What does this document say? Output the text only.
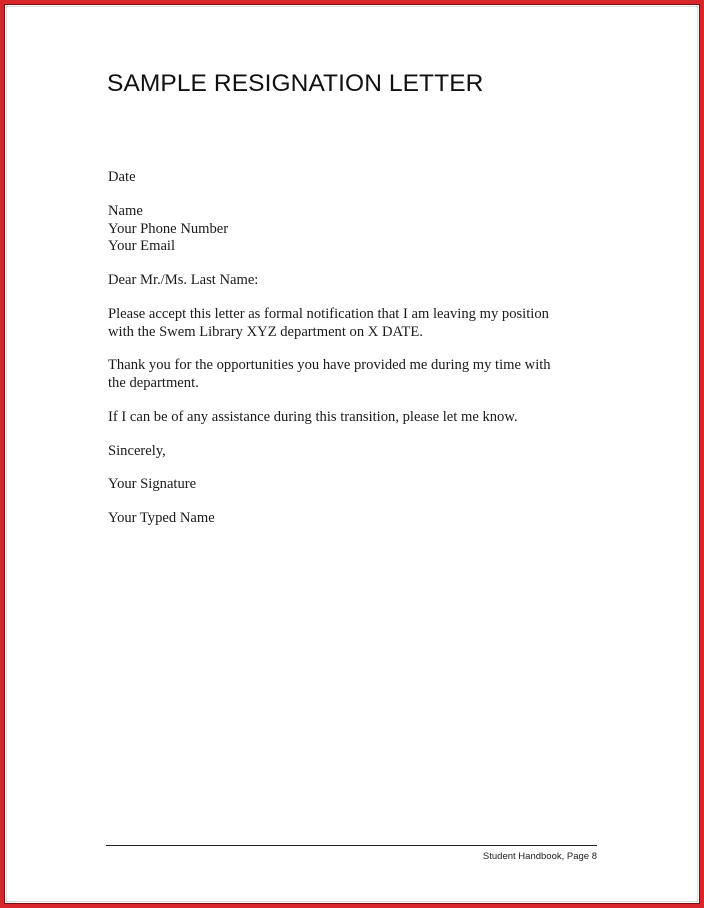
SAMPLE RESIGNATION LETTER

Date

Name
Your Phone Number
Your Email

Dear Mr./Ms. Last Name:

Please accept this letter as formal notification that I am leaving my position
with the Swem Library XYZ department on X DATE.
Thank you for the opportunities you have provided me during my time with
the department.
If I can be of any assistance during this transition, please let me know.

Sincerely,

Your Signature

Your Typed Name

Student Handbook, Page 8
